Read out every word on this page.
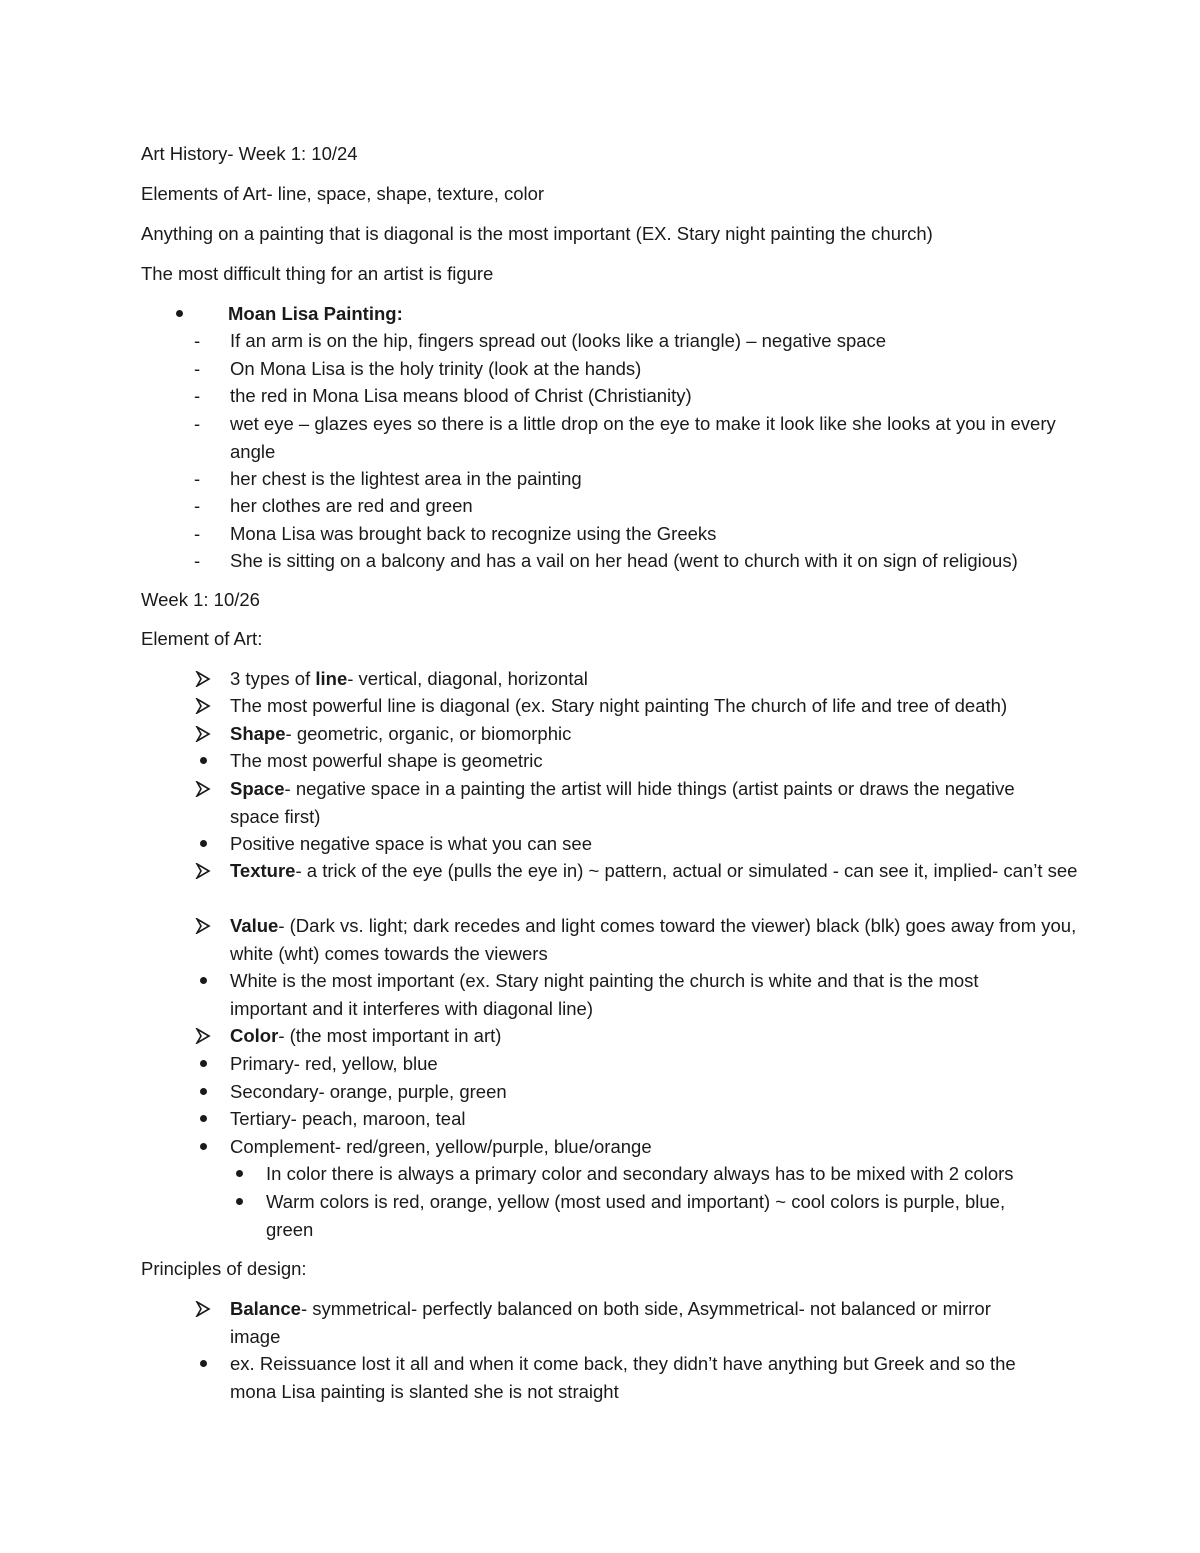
Art History- Week 1: 10/24

Elements of Art- line, space, shape, texture, color

Anything on a painting that is diagonal is the most important (EX. Stary night painting the church)

The most difficult thing for an artist is figure

Moan Lisa Painting:
- If an arm is on the hip, fingers spread out (looks like a triangle) – negative space
- On Mona Lisa is the holy trinity (look at the hands)
- the red in Mona Lisa means blood of Christ (Christianity)
- wet eye – glazes eyes so there is a little drop on the eye to make it look like she looks at you in every angle
- her chest is the lightest area in the painting
- her clothes are red and green
- Mona Lisa was brought back to recognize using the Greeks
- She is sitting on a balcony and has a vail on her head (went to church with it on sign of religious)

Week 1: 10/26

Element of Art:

3 types of line- vertical, diagonal, horizontal
The most powerful line is diagonal (ex. Stary night painting The church of life and tree of death)
Shape- geometric, organic, or biomorphic
The most powerful shape is geometric
Space- negative space in a painting the artist will hide things (artist paints or draws the negative space first)
Positive negative space is what you can see
Texture- a trick of the eye (pulls the eye in) ~ pattern, actual or simulated - can see it, implied- can’t see
Value- (Dark vs. light; dark recedes and light comes toward the viewer) black (blk) goes away from you, white (wht) comes towards the viewers
White is the most important (ex. Stary night painting the church is white and that is the most important and it interferes with diagonal line)
Color- (the most important in art)
Primary- red, yellow, blue
Secondary- orange, purple, green
Tertiary- peach, maroon, teal
Complement- red/green, yellow/purple, blue/orange
In color there is always a primary color and secondary always has to be mixed with 2 colors
Warm colors is red, orange, yellow (most used and important) ~ cool colors is purple, blue, green

Principles of design:

Balance- symmetrical- perfectly balanced on both side, Asymmetrical- not balanced or mirror image
ex. Reissuance lost it all and when it come back, they didn’t have anything but Greek and so the mona Lisa painting is slanted she is not straight
